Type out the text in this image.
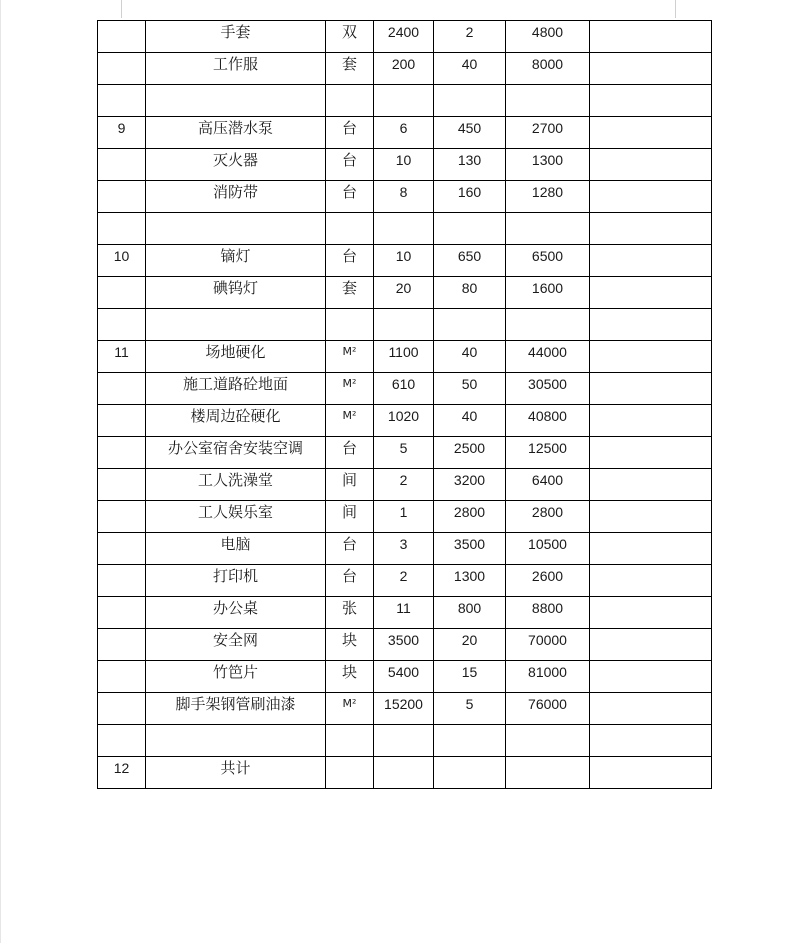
	手套	双	2400	2	4800	
	工作服	套	200	40	8000	

9	高压潜水泵	台	6	450	2700	
	灭火器	台	10	130	1300	
	消防带	台	8	160	1280	

10	镝灯	台	10	650	6500	
	碘钨灯	套	20	80	1600	

11	场地硬化	M²	1100	40	44000	
	施工道路砼地面	M²	610	50	30500	
	楼周边砼硬化	M²	1020	40	40800	
	办公室宿舍安装空调	台	5	2500	12500	
	工人洗澡堂	间	2	3200	6400	
	工人娱乐室	间	1	2800	2800	
	电脑	台	3	3500	10500	
	打印机	台	2	1300	2600	
	办公桌	张	11	800	8800	
	安全网	块	3500	20	70000	
	竹笆片	块	5400	15	81000	
	脚手架钢管刷油漆	M²	15200	5	76000	

12	共计					
